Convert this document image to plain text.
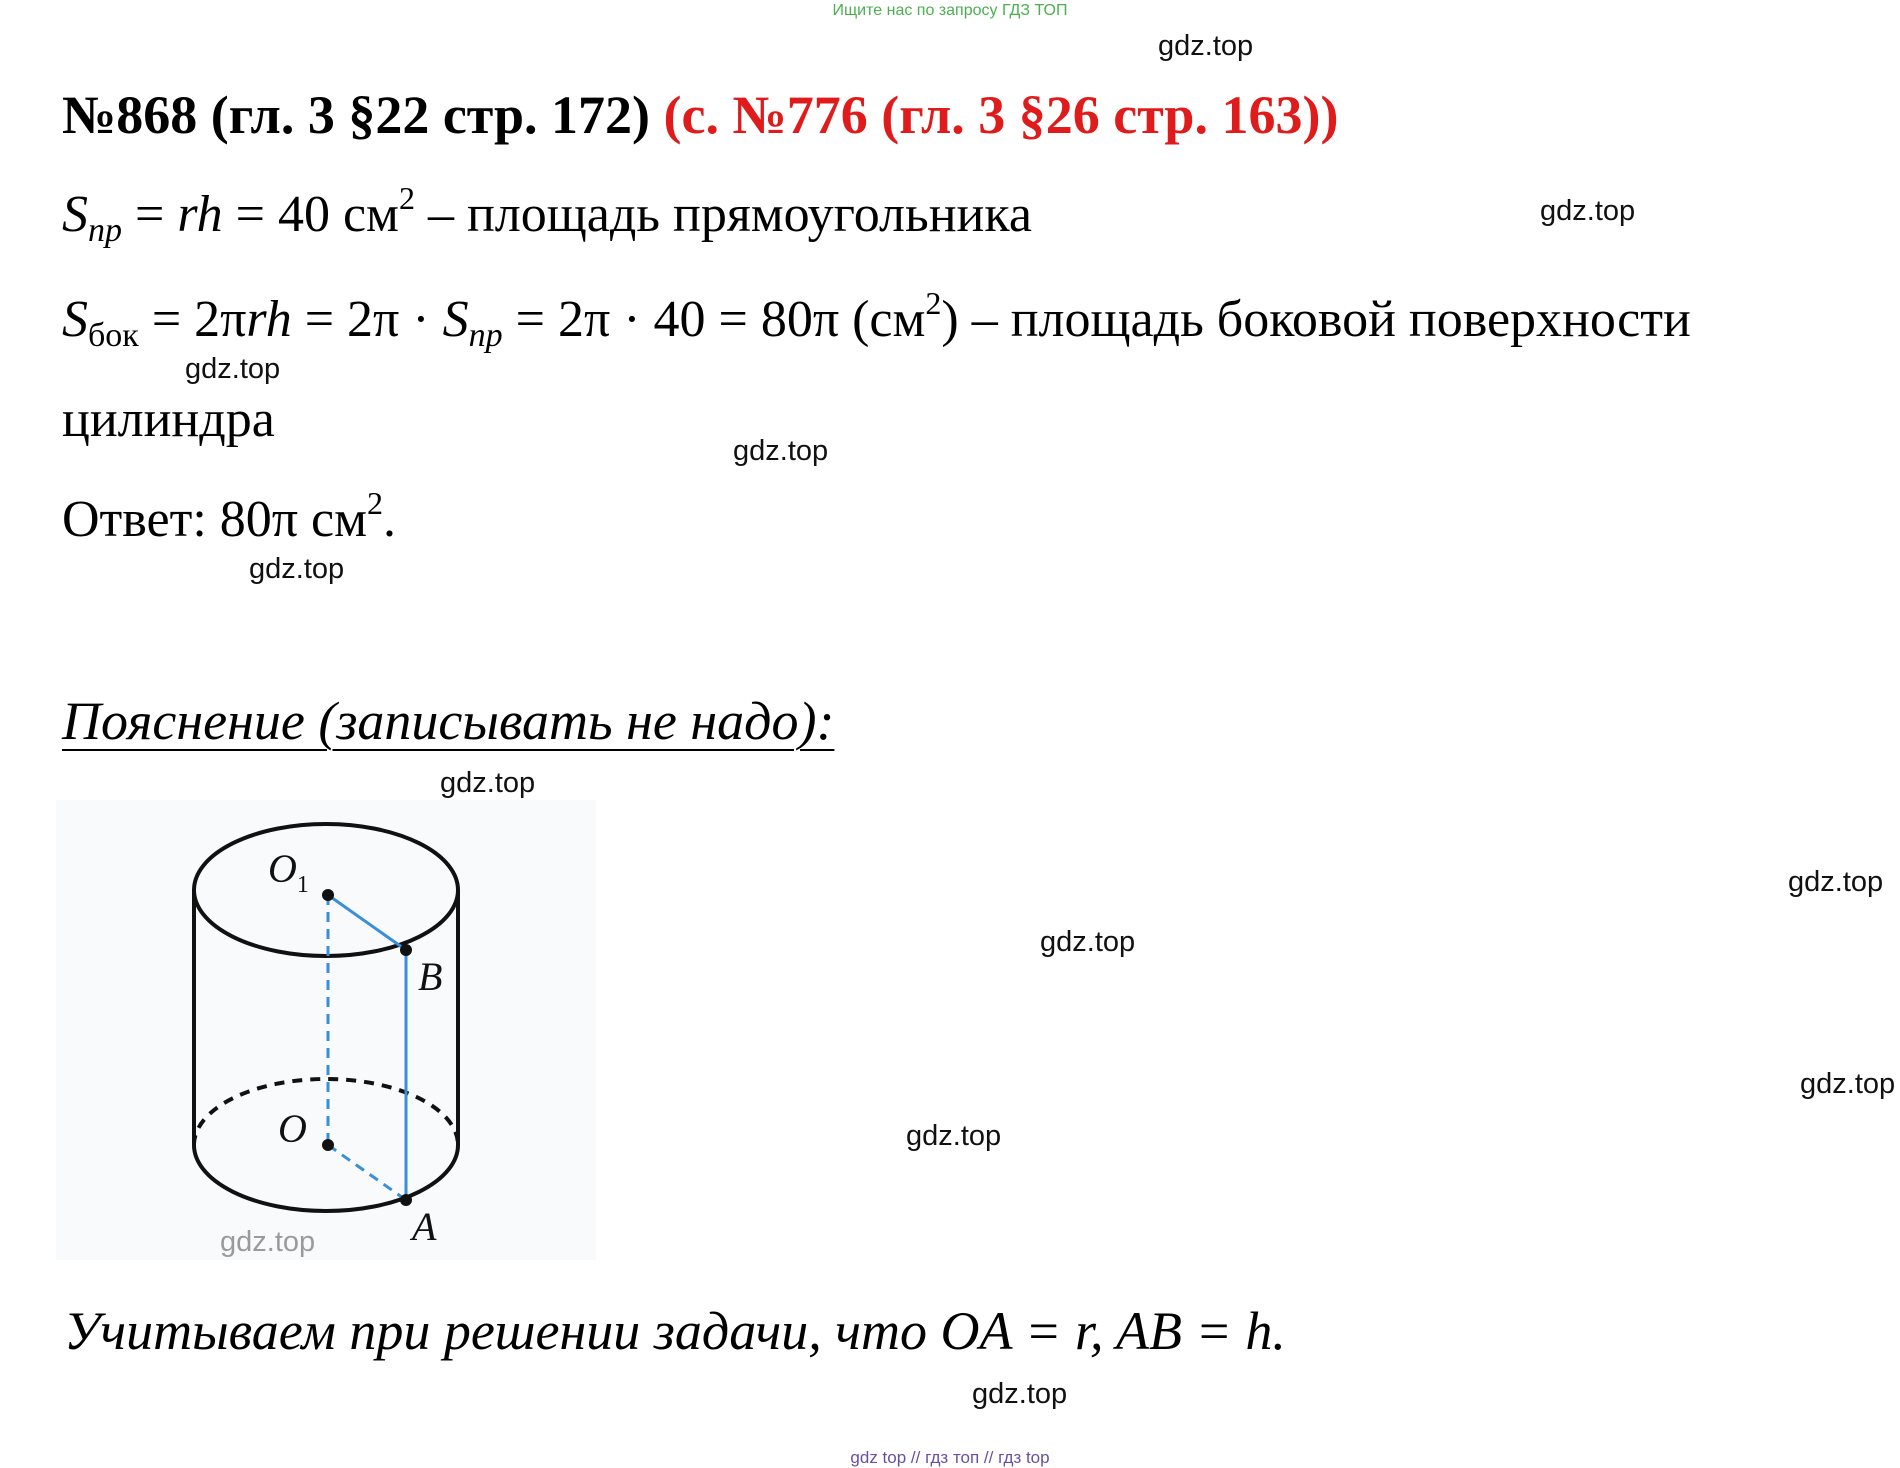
Ищите нас по запросу ГДЗ ТОП
gdz.top
gdz.top
gdz.top
gdz.top
gdz.top
gdz.top
gdz.top
gdz.top
gdz.top
gdz.top
gdz.top
№868 (гл. 3 §22 стр. 172) (с. №776 (гл. 3 §26 стр. 163))
Sпр = rh = 40 $см^2$ – площадь прямоугольника
Sбок = 2πrh = 2π · Sпр = 2π · 40 = 80π $(см^2)$ – площадь боковой поверхности
цилиндра
Ответ: 80π $см^2$.
Пояснение (записывать не надо):
$O_1$
B
O
A
Учитываем при решении задачи, что OA = r, AB = h.
gdz top // гдз топ // гдз top
